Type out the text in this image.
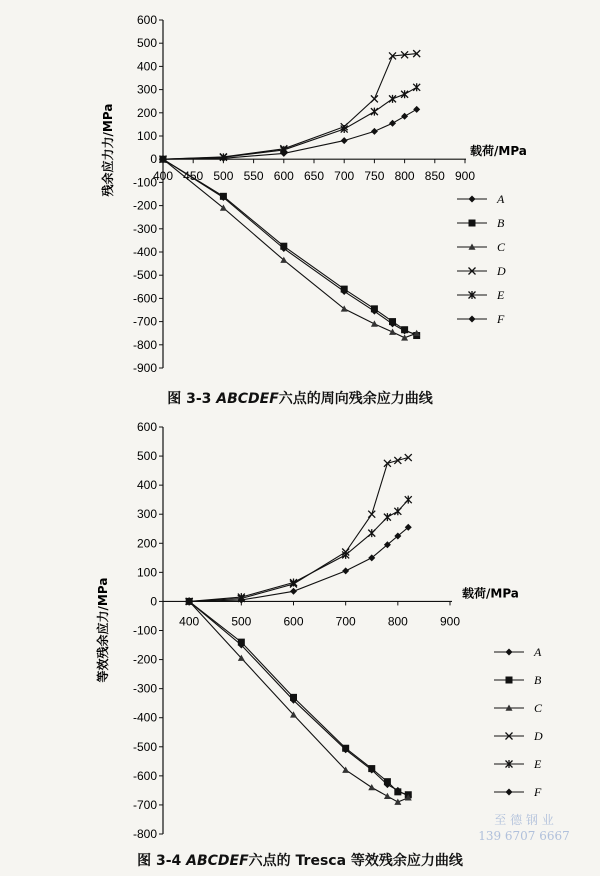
600
500
400
300
200
100
0
-100
-200
-300
-400
-500
-600
-700
-800
-900
400 450 500 550 600 650 700 750 800 850 900
载荷/MPa
残余应力力/MPa
A
B
C
D
E
F
图 3-3 ABCDEF六点的周向残余应力曲线
600
500
400
300
200
100
0
-100
-200
-300
-400
-500
-600
-700
-800
400	500	600	700	800	900
载荷/MPa
等效残余应力/MPa	A
B
C
D
E
F
图 3-4 ABCDEF六点的 Tresca 等效残余应力曲线
至 德 钢 业
139 6707 6667
